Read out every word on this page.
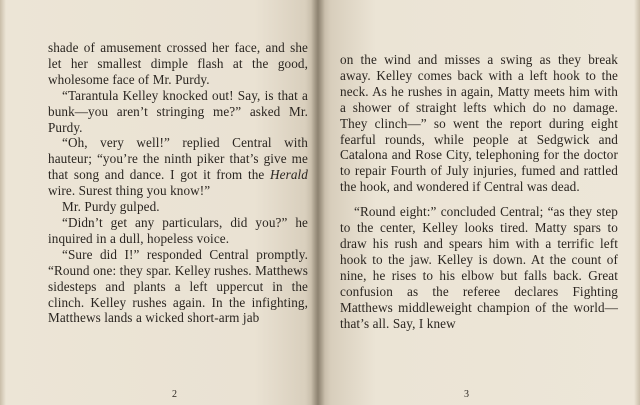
shade of amusement crossed her face, and she let her smallest dimple flash at the good, wholesome face of Mr. Purdy.

“Tarantula Kelley knocked out! Say, is that a bunk—you aren’t stringing me?” asked Mr. Purdy.

“Oh, very well!” replied Central with hauteur; “you’re the ninth piker that’s give me that song and dance. I got it from the Herald wire. Surest thing you know!”

Mr. Purdy gulped.

“Didn’t get any particulars, did you?” he inquired in a dull, hopeless voice.

“Sure did I!” responded Central promptly. “Round one: they spar. Kelley rushes. Matthews sidesteps and plants a left uppercut in the clinch. Kelley rushes again. In the infighting, Matthews lands a wicked short-arm jab

2

on the wind and misses a swing as they break away. Kelley comes back with a left hook to the neck. As he rushes in again, Matty meets him with a shower of straight lefts which do no damage. They clinch—” so went the report during eight fearful rounds, while people at Sedgwick and Catalona and Rose City, telephoning for the doctor to repair Fourth of July injuries, fumed and rattled the hook, and wondered if Central was dead.

“Round eight:” concluded Central; “as they step to the center, Kelley looks tired. Matty spars to draw his rush and spears him with a terrific left hook to the jaw. Kelley is down. At the count of nine, he rises to his elbow but falls back. Great confusion as the referee declares Fighting Matthews middleweight champion of the world—that’s all. Say, I knew

3
